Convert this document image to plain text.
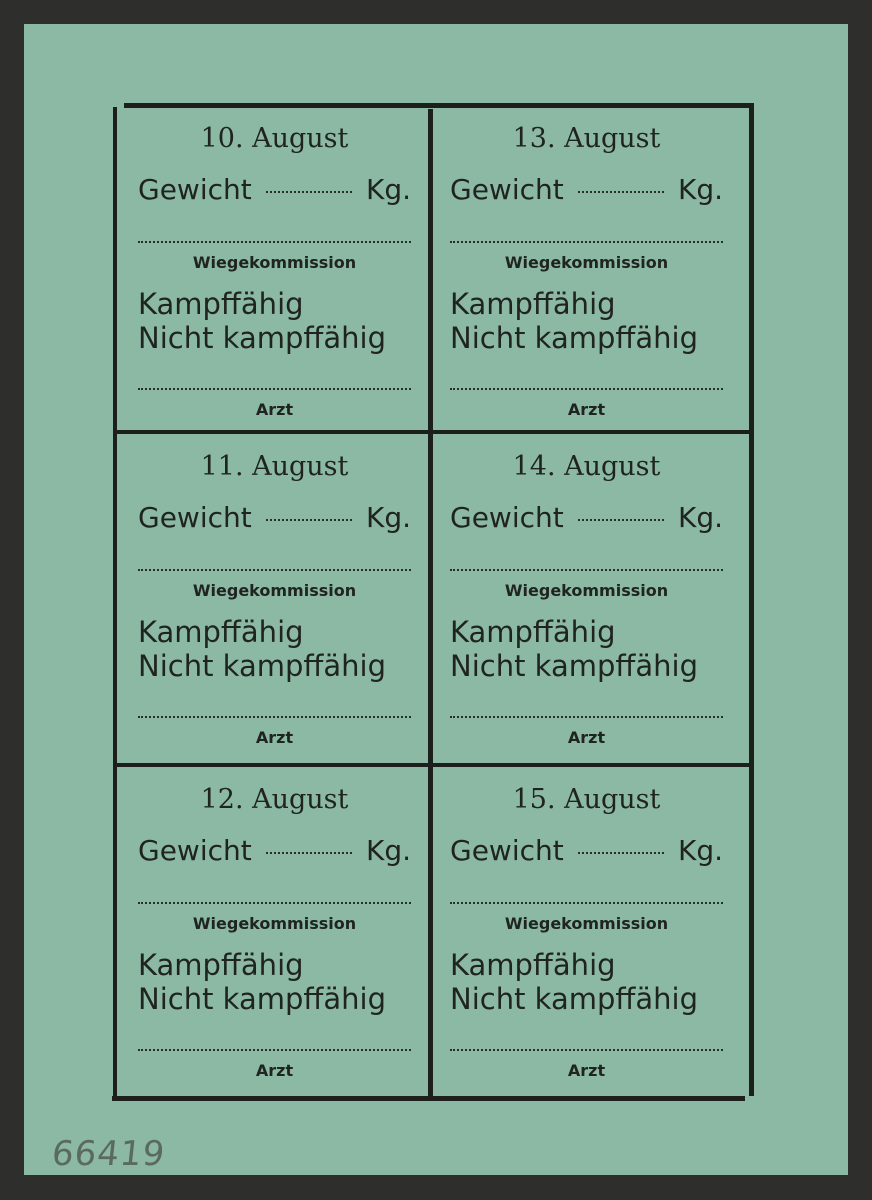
10. August
Gewicht	Kg.
Wiegekommission
Kampffähig
Nicht kampffähig
Arzt
13. August
Gewicht	Kg.
Wiegekommission
Kampffähig
Nicht kampffähig
Arzt
11. August
Gewicht	Kg.
Wiegekommission
Kampffähig
Nicht kampffähig
Arzt
14. August
Gewicht	Kg.
Wiegekommission
Kampffähig
Nicht kampffähig
Arzt
12. August
Gewicht	Kg.
Wiegekommission
Kampffähig
Nicht kampffähig
Arzt
15. August
Gewicht	Kg.
Wiegekommission
Kampffähig
Nicht kampffähig
Arzt
66419
